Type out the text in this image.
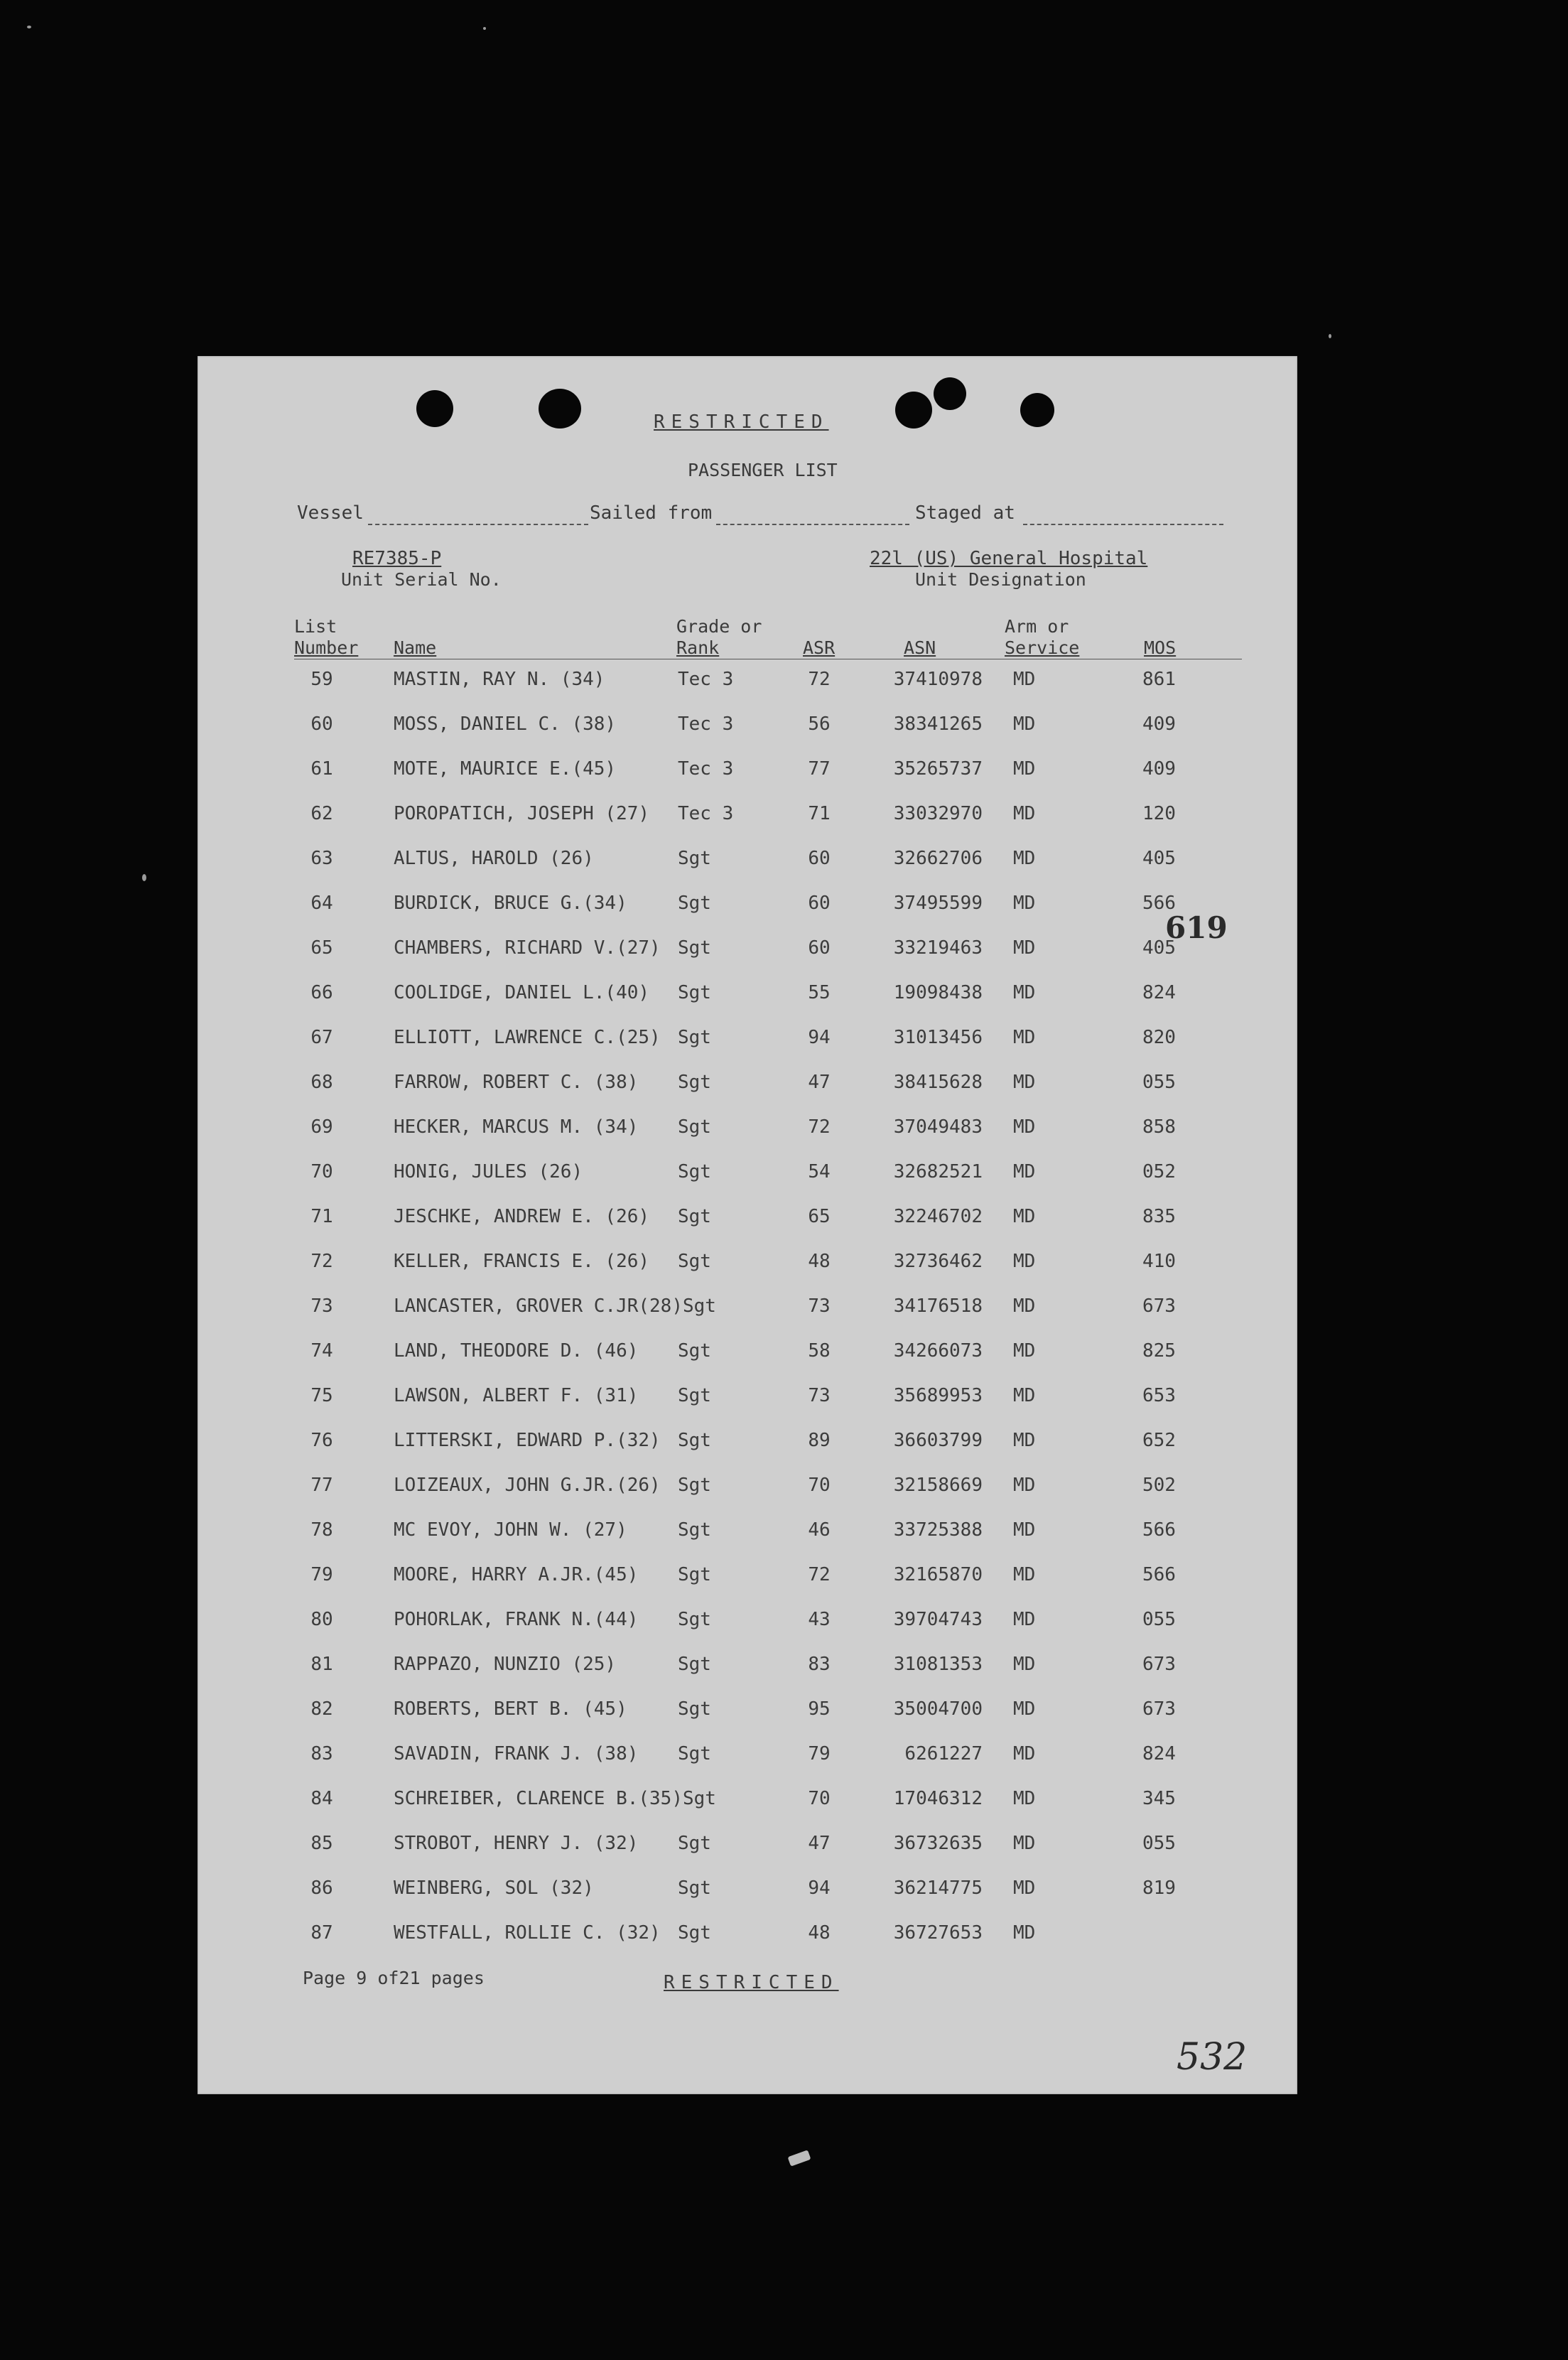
RESTRICTED
PASSENGER LIST
Vessel	Sailed from	Staged at
RE7385-P
Unit Serial No.
22l (US) General Hospital
Unit Designation
List
Number Name
Grade or
Rank	ASR	ASN
Arm or
Service	MOS
59	MASTIN, RAY N. (34)	Tec 3	72	37410978 MD	861
60	MOSS, DANIEL C. (38)	Tec 3	56	38341265 MD	409
61	MOTE, MAURICE E.(45)	Tec 3	77	35265737 MD	409
62	POROPATICH, JOSEPH (27) Tec 3	71	33032970 MD	120
63	ALTUS, HAROLD (26)	Sgt	60	32662706 MD	405
64	BURDICK, BRUCE G.(34)	Sgt	60	37495599 MD	566
65	CHAMBERS, RICHARD V.(27) Sgt	60	33219463 MD	405
66	COOLIDGE, DANIEL L.(40) Sgt	55	19098438 MD	824
67	ELLIOTT, LAWRENCE C.(25) Sgt	94	31013456 MD	820
68	FARROW, ROBERT C. (38) Sgt	47	38415628 MD	055
69	HECKER, MARCUS M. (34) Sgt	72	37049483 MD	858
70	HONIG, JULES (26)	Sgt	54	32682521 MD	052
71	JESCHKE, ANDREW E. (26) Sgt	65	32246702 MD	835
72	KELLER, FRANCIS E. (26) Sgt	48	32736462 MD	410
73	LANCASTER, GROVER C.JR(28)Sgt	73	34176518 MD	673
74	LAND, THEODORE D. (46) Sgt	58	34266073 MD	825
75	LAWSON, ALBERT F. (31) Sgt	73	35689953 MD	653
76	LITTERSKI, EDWARD P.(32) Sgt	89	36603799 MD	652
77	LOIZEAUX, JOHN G.JR.(26) Sgt	70	32158669 MD	502
78	MC EVOY, JOHN W. (27)	Sgt	46	33725388 MD	566
79	MOORE, HARRY A.JR.(45) Sgt	72	32165870 MD	566
80	POHORLAK, FRANK N.(44) Sgt	43	39704743 MD	055
81	RAPPAZO, NUNZIO (25)	Sgt	83	31081353 MD	673
82	ROBERTS, BERT B. (45)	Sgt	95	35004700 MD	673
83	SAVADIN, FRANK J. (38) Sgt	79	6261227 MD	824
84	SCHREIBER, CLARENCE B.(35)Sgt	70	17046312 MD	345
85	STROBOT, HENRY J. (32) Sgt	47	36732635 MD	055
86	WEINBERG, SOL (32)	Sgt	94	36214775 MD	819
87	WESTFALL, ROLLIE C. (32) Sgt	48	36727653 MD
619
Page 9 of21 pages	RESTRICTED
532
